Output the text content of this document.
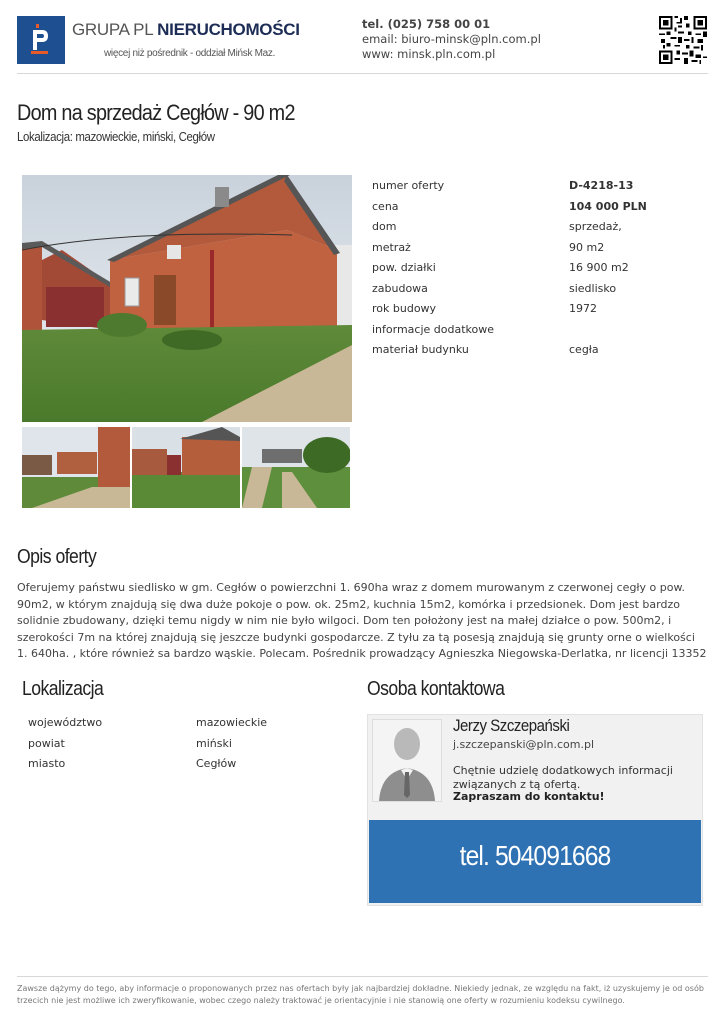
GRUPA PL NIERUCHOMOŚCI
więcej niż pośrednik - oddział Mińsk Maz.
tel. (025) 758 00 01
email: biuro-minsk@pln.com.pl
www: minsk.pln.com.pl
Dom na sprzedaż Cegłów - 90 m2
Lokalizacja: mazowieckie, miński, Cegłów
numer oferty	D-4218-13
cena	104 000 PLN
dom	sprzedaż,
metraż	90 m2
pow. działki	16 900 m2
zabudowa	siedlisko
rok budowy	1972
informacje dodatkowe
materiał budynku	cegła
Opis oferty
Oferujemy państwu siedlisko w gm. Cegłów o powierzchni 1. 690ha wraz z domem murowanym z czerwonej cegły o pow. 90m2, w którym znajdują się dwa duże pokoje o pow. ok. 25m2, kuchnia 15m2, komórka i przedsionek. Dom jest bardzo solidnie zbudowany, dzięki temu nigdy w nim nie było wilgoci. Dom ten położony jest na małej działce o pow. 500m2, i szerokości 7m na której znajdują się jeszcze budynki gospodarcze. Z tyłu za tą posesją znajdują się grunty orne o wielkości 1. 640ha. , które również sa bardzo wąskie. Polecam. Pośrednik prowadzący Agnieszka Niegowska-Derlatka, nr licencji 13352
Lokalizacja
województwo	mazowieckie
powiat	miński
miasto	Cegłów
Osoba kontaktowa
Jerzy Szczepański
j.szczepanski@pln.com.pl
Chętnie udzielę dodatkowych informacji związanych z tą ofertą.
Zapraszam do kontaktu!
tel. 504091668
Zawsze dążymy do tego, aby informacje o proponowanych przez nas ofertach były jak najbardziej dokładne. Niekiedy jednak, ze względu na fakt, iż uzyskujemy je od osób trzecich nie jest możliwe ich zweryfikowanie, wobec czego należy traktować je orientacyjnie i nie stanowią one oferty w rozumieniu kodeksu cywilnego.
